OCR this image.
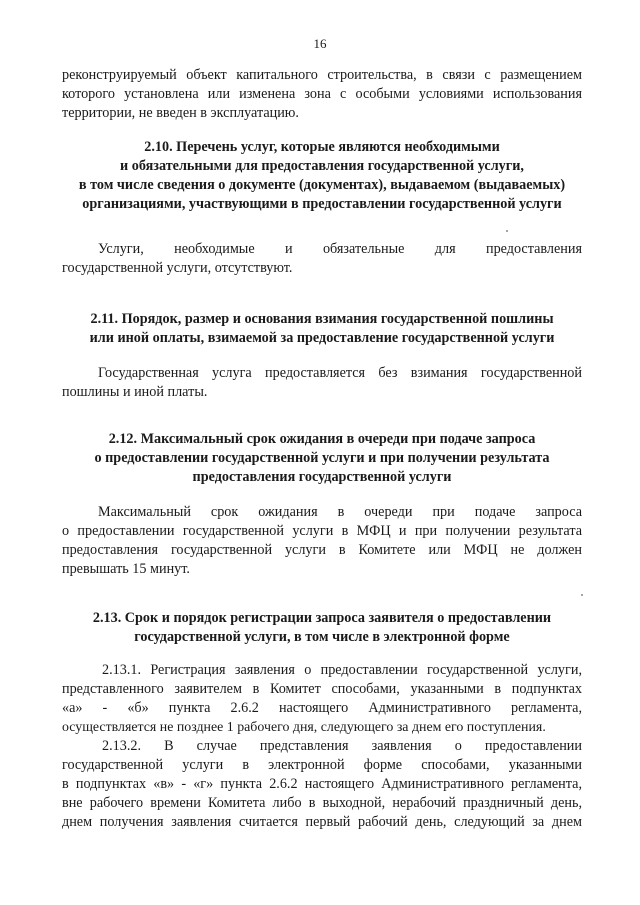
16
реконструируемый объект капитального строительства, в связи с размещением
которого установлена или изменена зона с особыми условиями использования
территории, не введен в эксплуатацию.
2.10. Перечень услуг, которые являются необходимыми
и обязательными для предоставления государственной услуги,
в том числе сведения о документе (документах), выдаваемом (выдаваемых)
организациями, участвующими в предоставлении государственной услуги
Услуги, необходимые и обязательные для предоставления
государственной услуги, отсутствуют.
2.11. Порядок, размер и основания взимания государственной пошлины
или иной оплаты, взимаемой за предоставление государственной услуги
Государственная услуга предоставляется без взимания государственной
пошлины и иной платы.
2.12. Максимальный срок ожидания в очереди при подаче запроса
о предоставлении государственной услуги и при получении результата
предоставления государственной услуги
Максимальный срок ожидания в очереди при подаче запроса
о предоставлении государственной услуги в МФЦ и при получении результата
предоставления государственной услуги в Комитете или МФЦ не должен
превышать 15 минут.
2.13. Срок и порядок регистрации запроса заявителя о предоставлении
государственной услуги, в том числе в электронной форме
2.13.1. Регистрация заявления о предоставлении государственной услуги,
представленного заявителем в Комитет способами, указанными в подпунктах
«а» - «б» пункта 2.6.2 настоящего Административного регламента,
осуществляется не позднее 1 рабочего дня, следующего за днем его поступления.
2.13.2. В случае представления заявления о предоставлении
государственной услуги в электронной форме способами, указанными
в подпунктах «в» - «г» пункта 2.6.2 настоящего Административного регламента,
вне рабочего времени Комитета либо в выходной, нерабочий праздничный день,
днем получения заявления считается первый рабочий день, следующий за днем
